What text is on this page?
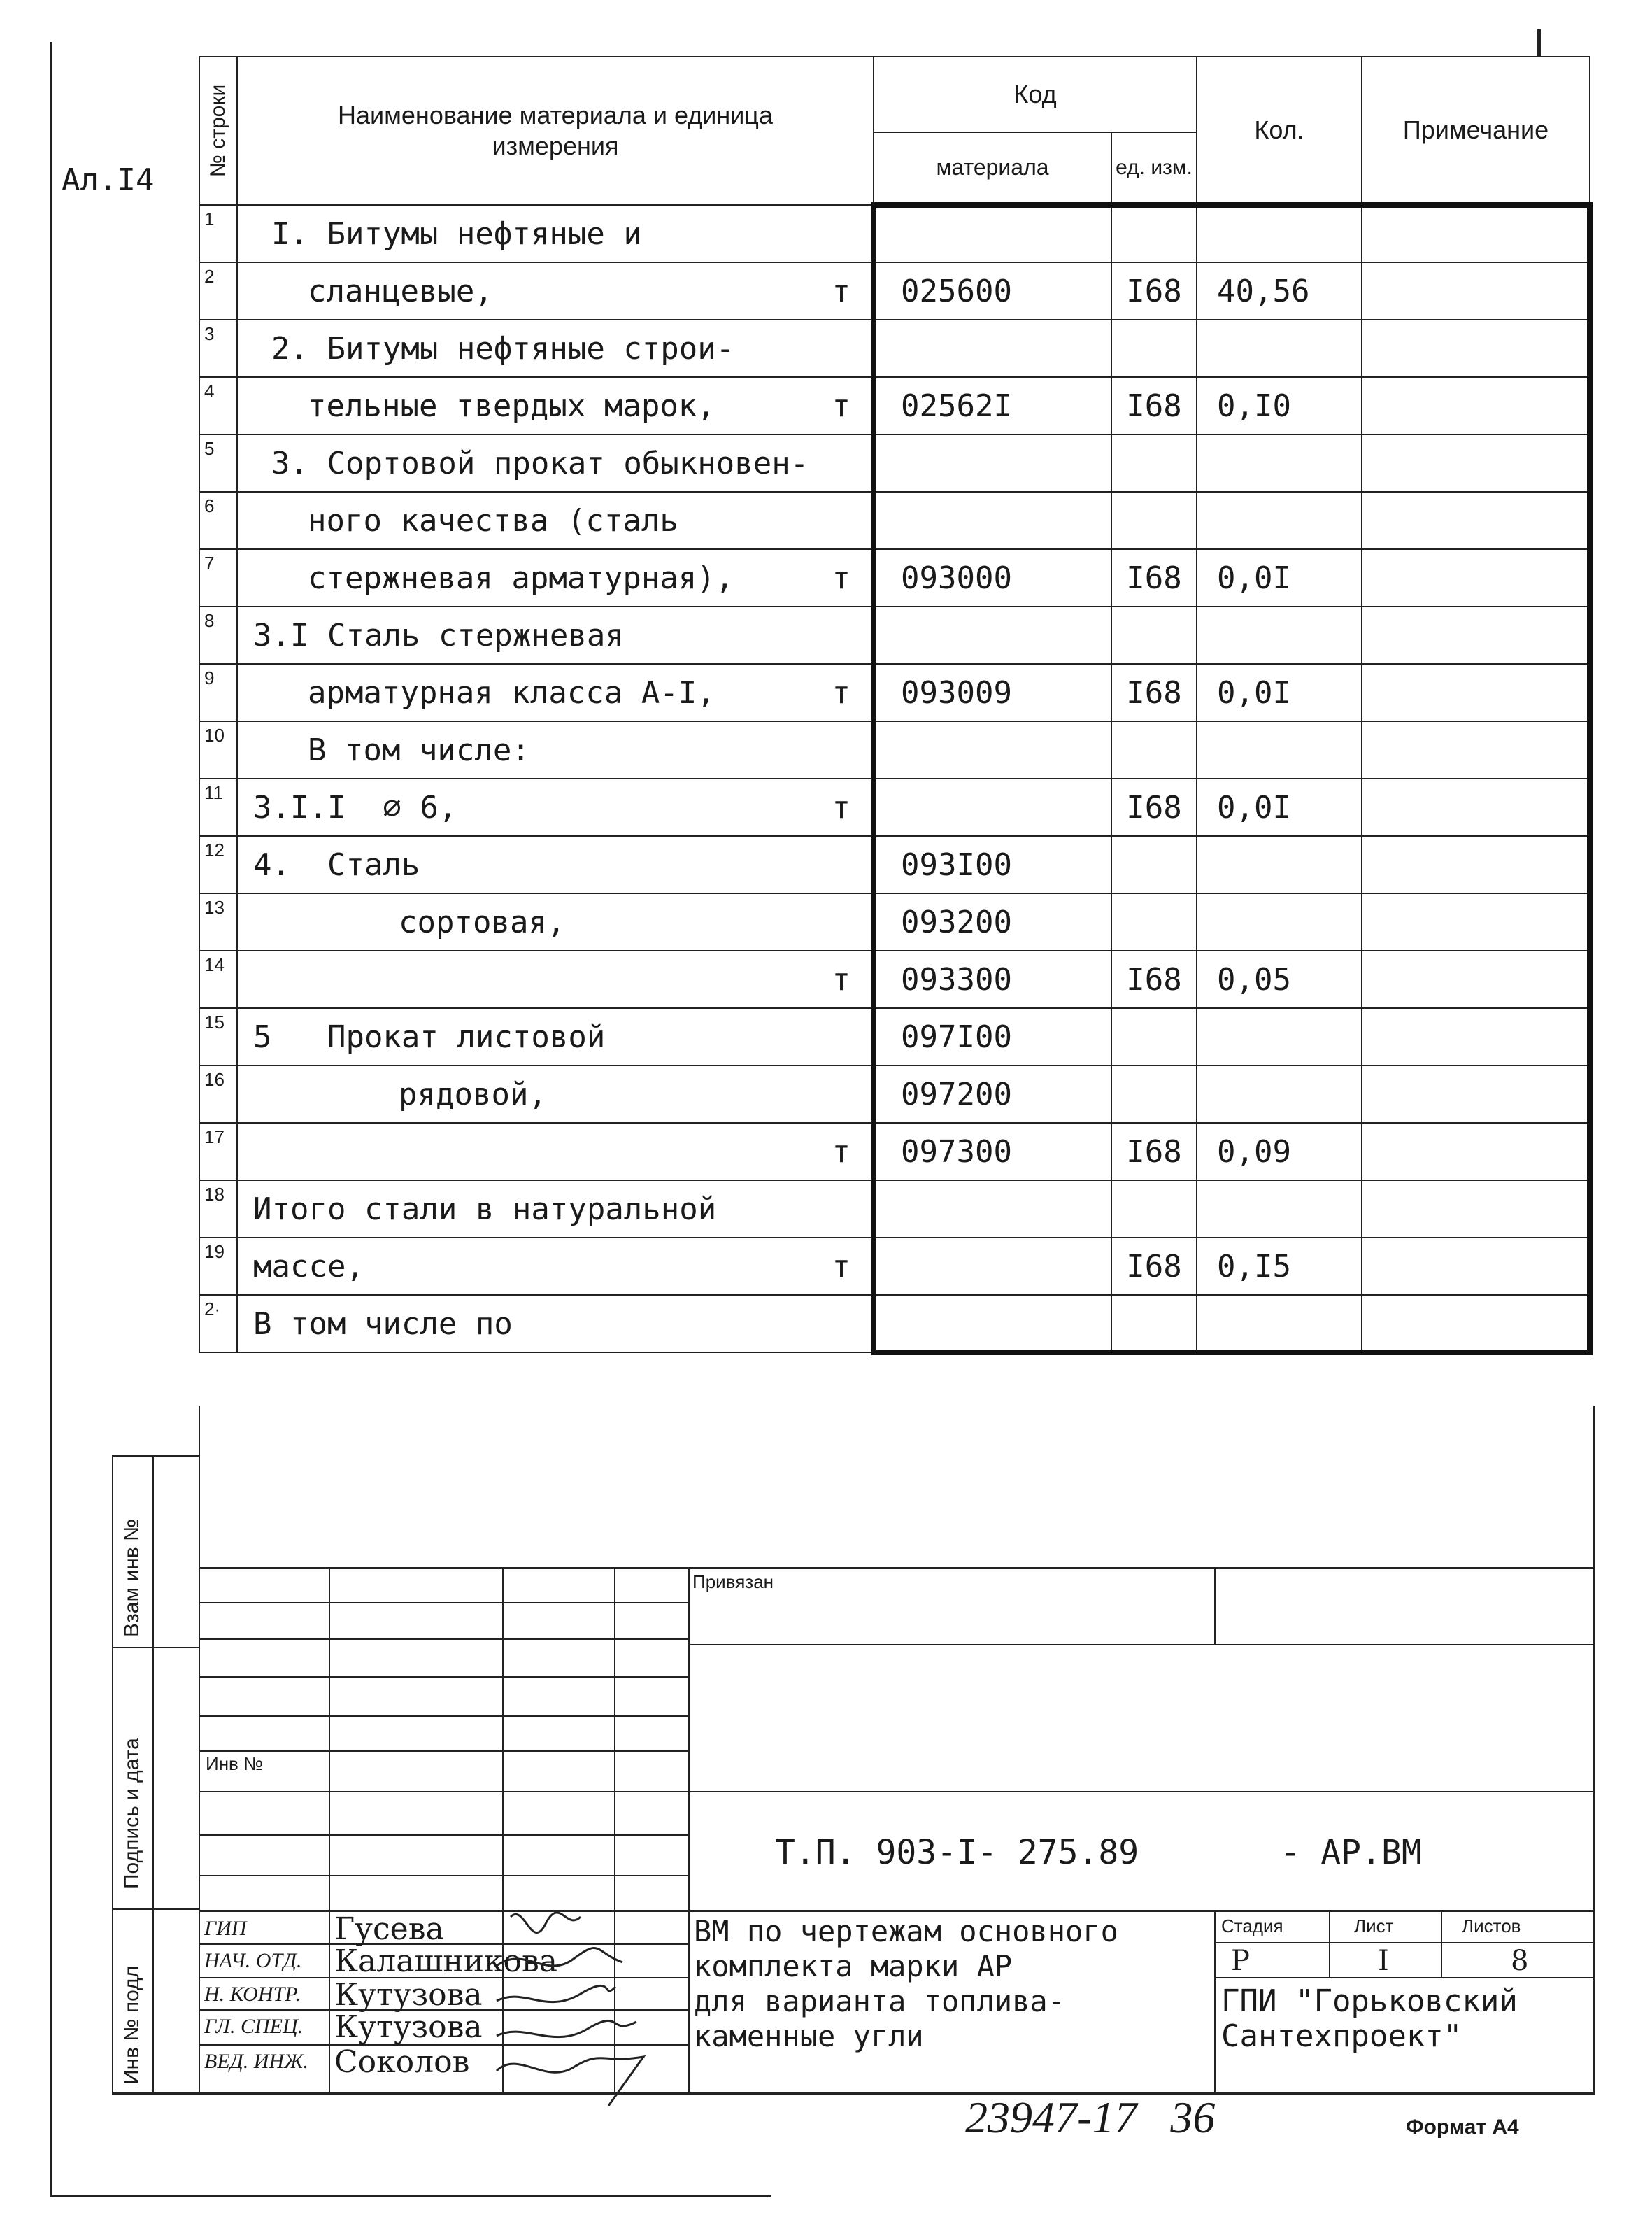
Ал.I4
№ строки	Наименование материала и единица измерения	Код		Кол.	Примечание
		материала	ед. изм.		
1	I. Битумы нефтяные и				

2	сланцевые, т	025600	I68	40,56	
3	2. Битумы нефтяные строи-				

4	тельные твердых марок, т	02562I	I68	0,I0	
5	3. Сортовой прокат обыкновен-				

6	ного качества (сталь				

7	стержневая арматурная), т	093000	I68	0,0I	
8	3.I Сталь стержневая				

9	арматурная класса А-I, т	093009	I68	0,0I	
10	В том числе:				

11	3.I.I  ∅ 6, т		I68	0,0I	
12	4.  Сталь	093I00			
13	сортовая,	093200			
14	т	093300	I68	0,05	
15	5   Прокат листовой	097I00			
16	рядовой,	097200			
17	т	097300	I68	0,09	
18	Итого стали в натуральной				

19	массе, т		I68	0,I5	
2·	В том числе по				

Взам инв №
Подпись и дата
Инв № подл
Привязан
Инв №
Т.П. 903-I- 275.89       - АР.ВМ
ГИП	Гусева
НАЧ. ОТД. Калашникова
Н. КОНТР. Кутузова
ГЛ. СПЕЦ. Кутузова
ВЕД. ИНЖ. Соколов
ВМ по чертежам основного
комплекта марки АР
для варианта топлива-
каменные угли
Стадия	Лист	Листов
Р	I	8
ГПИ "Горьковский
Сантехпроект"
23947-17   36	Формат А4
